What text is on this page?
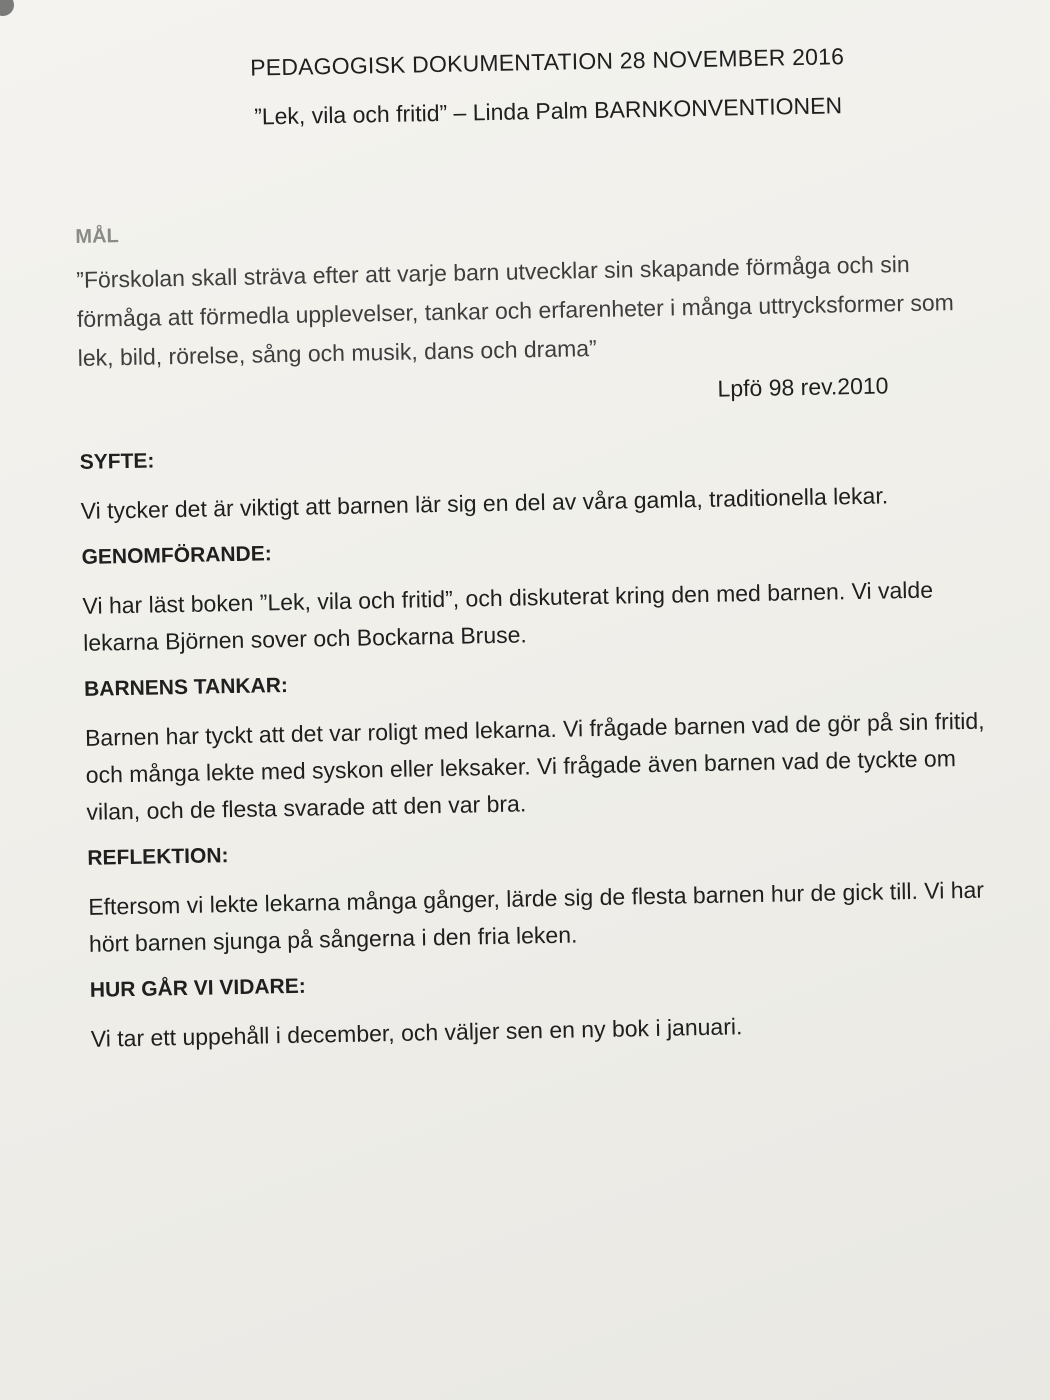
PEDAGOGISK DOKUMENTATION 28 NOVEMBER 2016
”Lek, vila och fritid” – Linda Palm BARNKONVENTIONEN
MÅL

”Förskolan skall sträva efter att varje barn utvecklar sin skapande förmåga och sin förmåga att förmedla upplevelser, tankar och erfarenheter i många uttrycksformer som lek, bild, rörelse, sång och musik, dans och drama”

Lpfö 98 rev.2010
SYFTE:

Vi tycker det är viktigt att barnen lär sig en del av våra gamla, traditionella lekar.

GENOMFÖRANDE:

Vi har läst boken ”Lek, vila och fritid”, och diskuterat kring den med barnen. Vi valde lekarna Björnen sover och Bockarna Bruse.

BARNENS TANKAR:

Barnen har tyckt att det var roligt med lekarna. Vi frågade barnen vad de gör på sin fritid, och många lekte med syskon eller leksaker. Vi frågade även barnen vad de tyckte om vilan, och de flesta svarade att den var bra.

REFLEKTION:

Eftersom vi lekte lekarna många gånger, lärde sig de flesta barnen hur de gick till. Vi har hört barnen sjunga på sångerna i den fria leken.

HUR GÅR VI VIDARE:

Vi tar ett uppehåll i december, och väljer sen en ny bok i januari.
